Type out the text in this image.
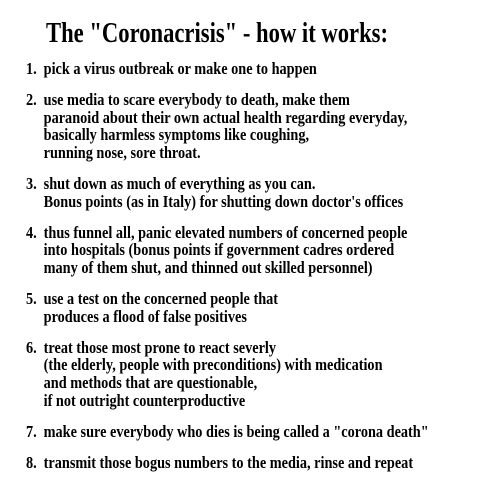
The "Coronacrisis" - how it works:
1. pick a virus outbreak or make one to happen
2. use media to scare everybody to death, make them
paranoid about their own actual health regarding everyday,
basically harmless symptoms like coughing,
running nose, sore throat.
3. shut down as much of everything as you can.
Bonus points (as in Italy) for shutting down doctor's offices
4. thus funnel all, panic elevated numbers of concerned people
into hospitals (bonus points if government cadres ordered
many of them shut, and thinned out skilled personnel)
5. use a test on the concerned people that
produces a flood of false positives
6. treat those most prone to react severly
(the elderly, people with preconditions) with medication
and methods that are questionable,
if not outright counterproductive
7. make sure everybody who dies is being called a "corona death"
8. transmit those bogus numbers to the media, rinse and repeat
